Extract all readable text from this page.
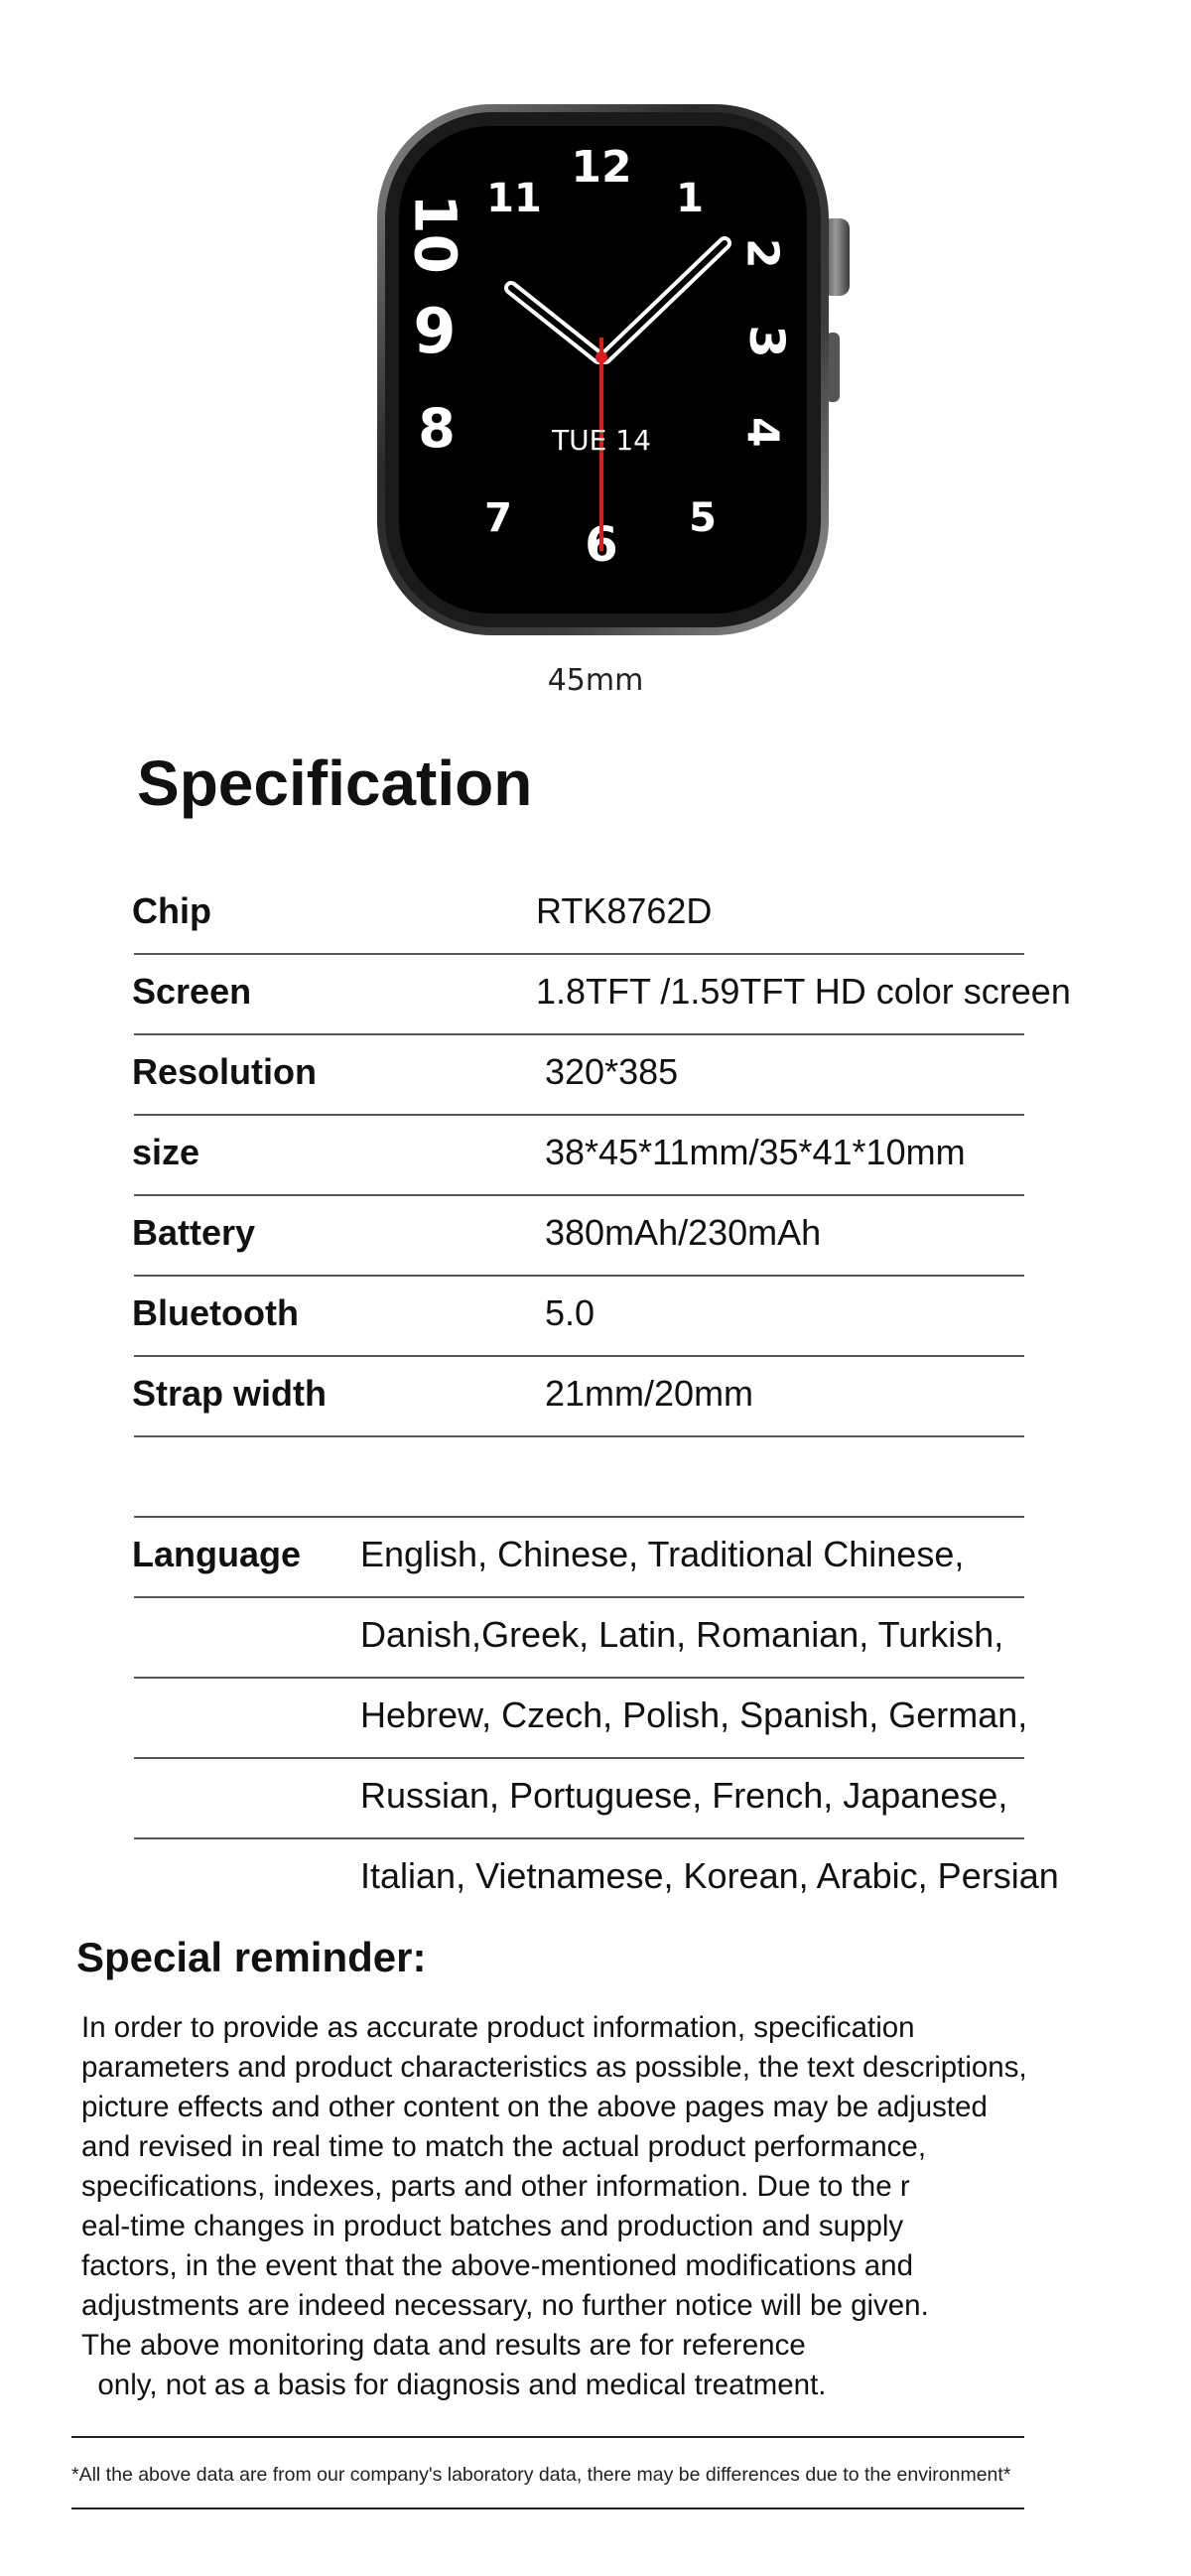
12
1
2
3
4
5
6
7
8
9
10 11
TUE 14
45mm
Specification
Chip	RTK8762D
Screen	1.8TFT /1.59TFT HD color screen
Resolution	320*385
size	38*45*11mm/35*41*10mm
Battery	380mAh/230mAh
Bluetooth	5.0
Strap width	21mm/20mm
Language English, Chinese, Traditional Chinese,
Danish,Greek, Latin, Romanian, Turkish,
Hebrew, Czech, Polish, Spanish, German,
Russian, Portuguese, French, Japanese,
Italian, Vietnamese, Korean, Arabic, Persian
Special reminder:
In order to provide as accurate product information, specification
parameters and product characteristics as possible, the text descriptions,
picture effects and other content on the above pages may be adjusted
and revised in real time to match the actual product performance,
specifications, indexes, parts and other information. Due to the r
eal-time changes in product batches and production and supply
factors, in the event that the above-mentioned modifications and
adjustments are indeed necessary, no further notice will be given.
The above monitoring data and results are for reference
only, not as a basis for diagnosis and medical treatment.
*All the above data are from our company's laboratory data, there may be differences due to the environment*
